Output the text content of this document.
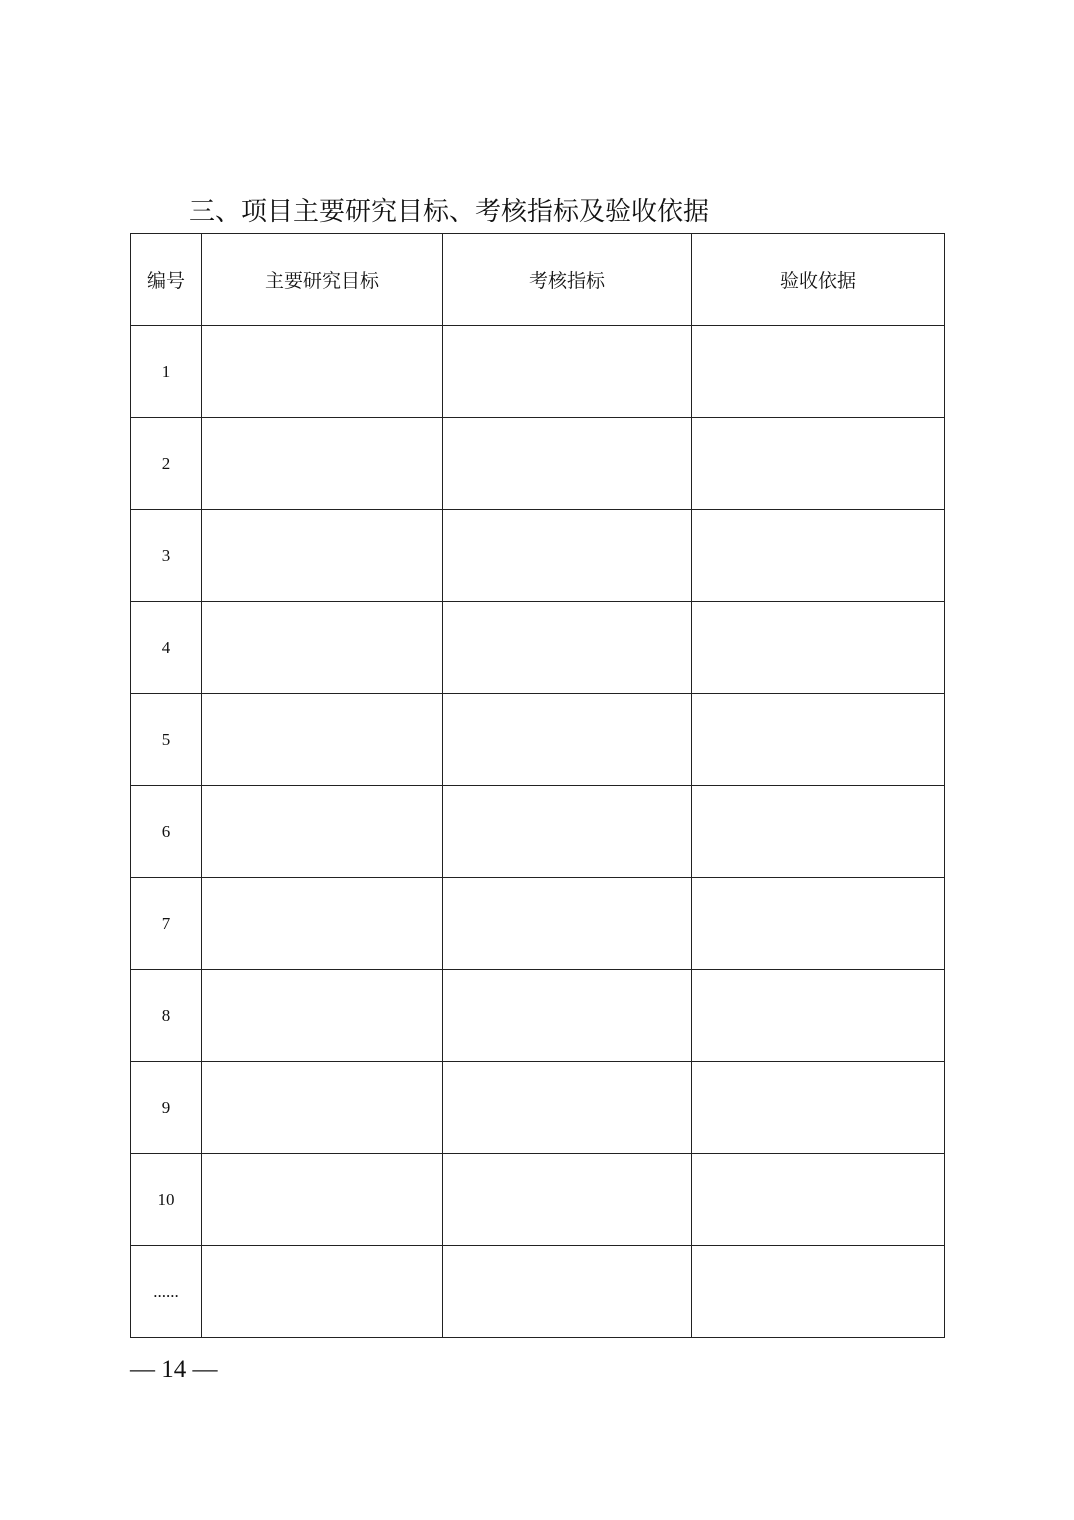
三、项目主要研究目标、考核指标及验收依据
编号	主要研究目标	考核指标	验收依据
1			
2			
3			
4			
5			
6			
7			
8			
9			
10			
......			
— 14 —
